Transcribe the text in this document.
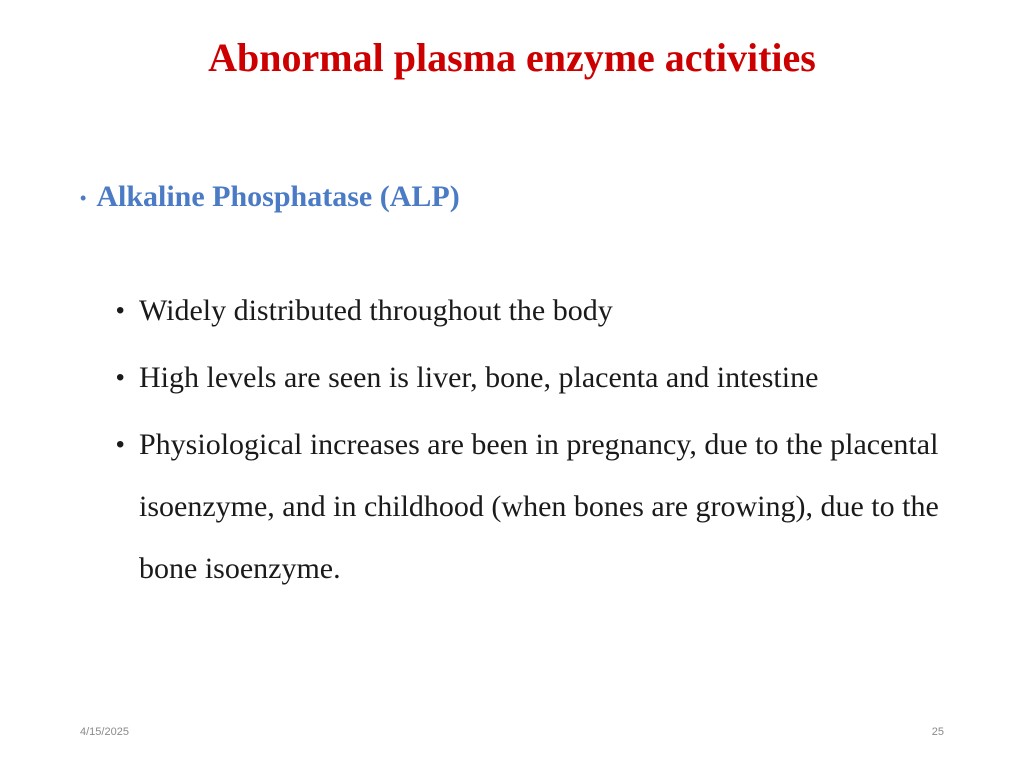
Abnormal plasma enzyme activities
• Alkaline Phosphatase (ALP)
• Widely distributed throughout the body
• High levels are seen is liver, bone, placenta and intestine
• Physiological increases are been in pregnancy, due to the placental isoenzyme, and in childhood (when bones are growing), due to the bone isoenzyme.
4/15/2025	25
